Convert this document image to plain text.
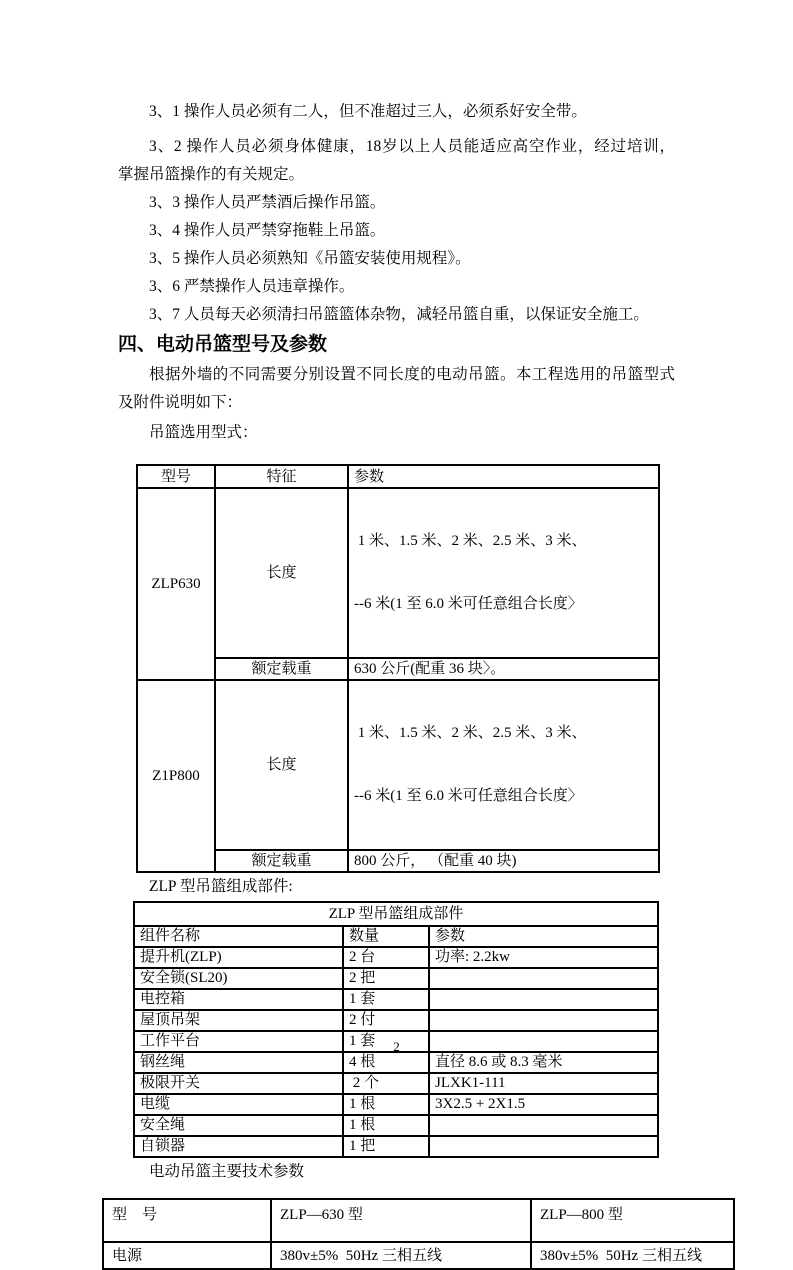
3、1 操作人员必须有二人，但不准超过三人，必须系好安全带。

3、2 操作人员必须身体健康，18岁以上人员能适应高空作业，经过培训，
掌握吊篮操作的有关规定。

3、3 操作人员严禁酒后操作吊篮。

3、4 操作人员严禁穿拖鞋上吊篮。

3、5 操作人员必须熟知《吊篮安装使用规程》。

3、6 严禁操作人员违章操作。

3、7 人员每天必须清扫吊篮篮体杂物，减轻吊篮自重，以保证安全施工。

四、电动吊篮型号及参数
根据外墙的不同需要分别设置不同长度的电动吊篮。本工程选用的吊篮型式
及附件说明如下：

吊篮选用型式：

型号	特征	参数
ZLP630	长度	1 米、1.5 米、2 米、2.5 米、3 米、

--6 米(1 至 6.0 米可任意组合长度〉

	额定载重	630 公斤(配重 36 块〉。
Z1P800	长度	1 米、1.5 米、2 米、2.5 米、3 米、

--6 米(1 至 6.0 米可任意组合长度〉

	额定载重	800 公斤， （配重 40 块)

ZLP 型吊篮组成部件:

ZLP 型吊篮组成部件		
组件名称	数量	参数
提升机(ZLP)	2 台	功率: 2.2kw
安全锁(SL20)	2 把	
电控箱	1 套	
屋顶吊架	2 付	
工作平台	1 套	
钢丝绳	4 根	直径 8.6 或 8.3 毫米
极限开关	2 个	JLXK1-111
电缆	1 根	3X2.5 + 2X1.5
安全绳	1 根	
自锁器	1 把	

电动吊篮主要技术参数

型　号	ZLP—630 型	ZLP—800 型
电源	380v±5%  50Hz 三相五线	380v±5%  50Hz 三相五线
2
